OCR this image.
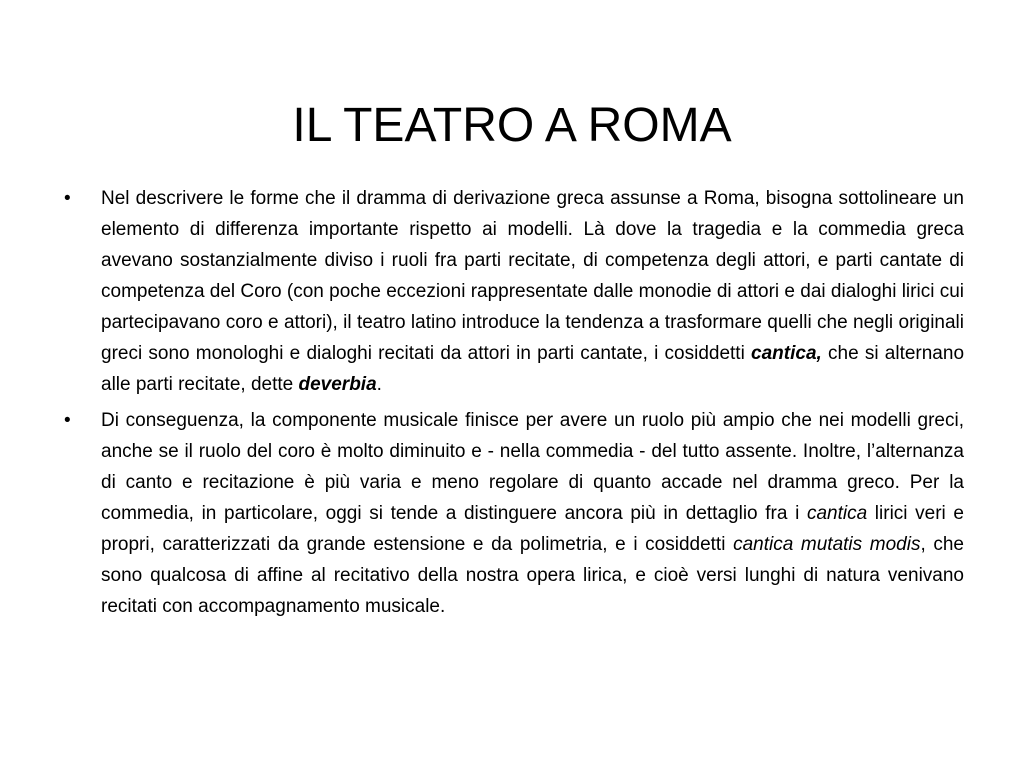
IL TEATRO A ROMA
•	Nel descrivere le forme che il dramma di derivazione greca assunse a Roma, bisogna sottolineare un elemento di differenza importante rispetto ai modelli. Là dove la tragedia e la commedia greca avevano sostanzialmente diviso i ruoli fra parti recitate, di competenza degli attori, e parti cantate di competenza del Coro (con poche eccezioni rappresentate dalle monodie di attori e dai dialoghi lirici cui partecipavano coro e attori), il teatro latino introduce la tendenza a trasformare quelli che negli originali greci sono monologhi e dialoghi recitati da attori in parti cantate, i cosiddetti cantica, che si alternano alle parti recitate, dette deverbia.
•	Di conseguenza, la componente musicale finisce per avere un ruolo più ampio che nei modelli greci, anche se il ruolo del coro è molto diminuito e - nella commedia - del tutto assente. Inoltre, l’alternanza di canto e recitazione è più varia e meno regolare di quanto accade nel dramma greco. Per la commedia, in particolare, oggi si tende a distinguere ancora più in dettaglio fra i cantica lirici veri e propri, caratterizzati da grande estensione e da polimetria, e i cosiddetti cantica mutatis modis, che sono qualcosa di affine al recitativo della nostra opera lirica, e cioè versi lunghi di natura venivano recitati con accompagnamento musicale.
